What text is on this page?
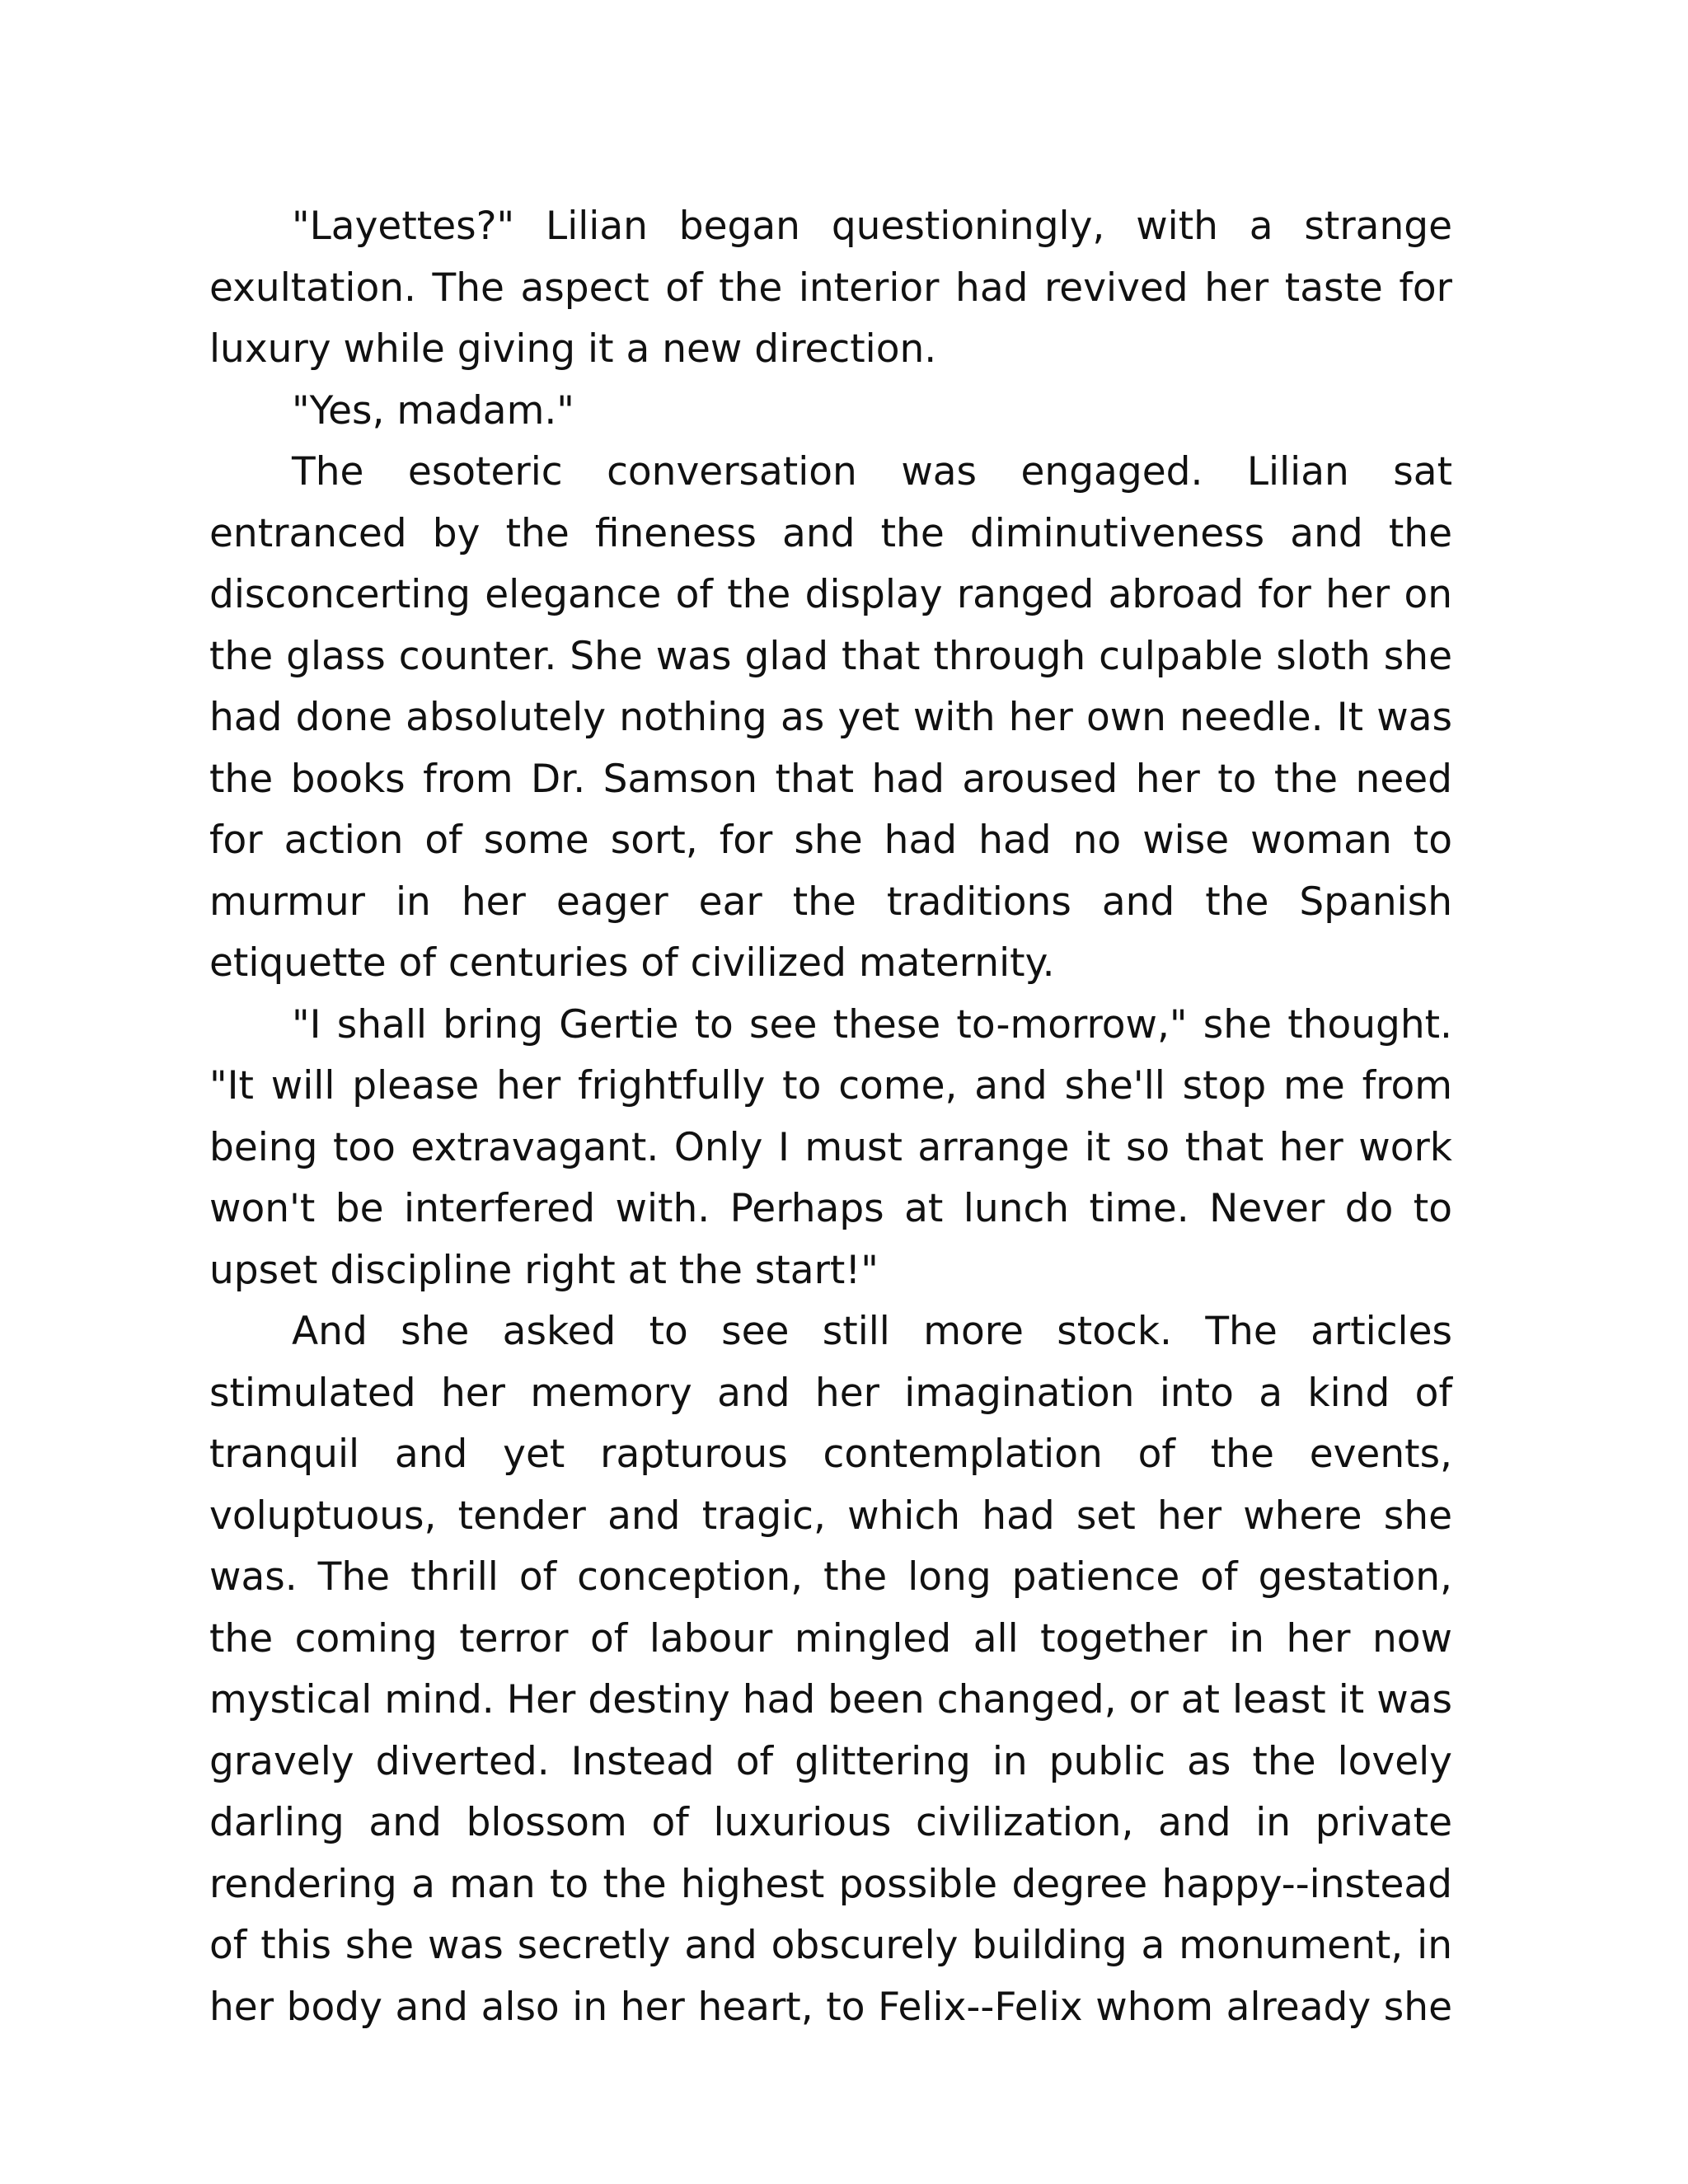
"Layettes?" Lilian began questioningly, with a strange exultation. The aspect of the interior had revived her taste for luxury while giving it a new direction.

"Yes, madam."

The esoteric conversation was engaged. Lilian sat entranced by the fineness and the diminutiveness and the disconcerting elegance of the display ranged abroad for her on the glass counter. She was glad that through culpable sloth she had done absolutely nothing as yet with her own needle. It was the books from Dr. Samson that had aroused her to the need for action of some sort, for she had had no wise woman to murmur in her eager ear the traditions and the Spanish etiquette of centuries of civilized maternity.

"I shall bring Gertie to see these to-morrow," she thought. "It will please her frightfully to come, and she'll stop me from being too extravagant. Only I must arrange it so that her work won't be interfered with. Perhaps at lunch time. Never do to upset discipline right at the start!"

And she asked to see still more stock. The articles stimulated her memory and her imagination into a kind of tranquil and yet rapturous contemplation of the events, voluptuous, tender and tragic, which had set her where she was. The thrill of conception, the long patience of gestation, the coming terror of labour mingled all together in her now mystical mind. Her destiny had been changed, or at least it was gravely diverted. Instead of glittering in public as the lovely darling and blossom of luxurious civilization, and in private rendering a man to the highest possible degree happy--instead of this she was secretly and obscurely building a monument, in her body and also in her heart, to Felix--Felix whom already she
